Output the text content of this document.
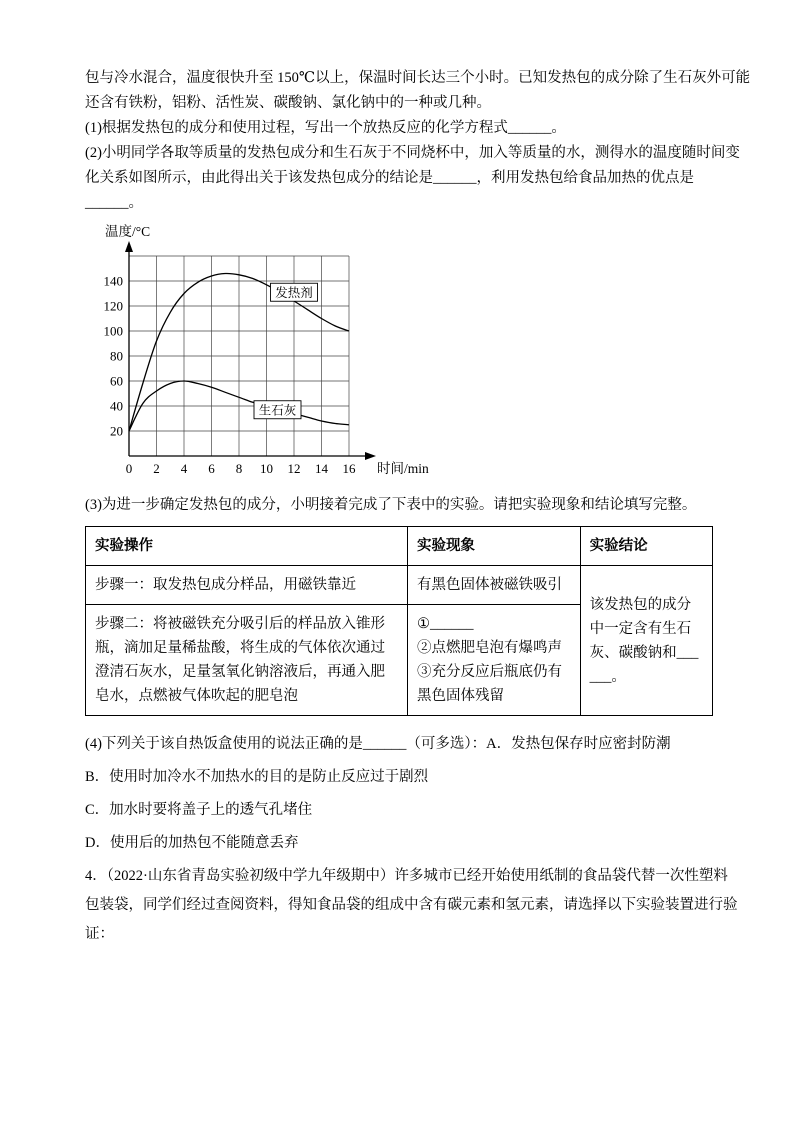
包与冷水混合，温度很快升至 150℃以上，保温时间长达三个小时。已知发热包的成分除了生石灰外可能
还含有铁粉，铝粉、活性炭、碳酸钠、氯化钠中的一种或几种。
(1)根据发热包的成分和使用过程，写出一个放热反应的化学方程式______。
(2)小明同学各取等质量的发热包成分和生石灰于不同烧杯中，加入等质量的水，测得水的温度随时间变
化关系如图所示，由此得出关于该发热包成分的结论是______，利用发热包给食品加热的优点是
______。
20
40
60
80
100
120
140
0 2 4 6 8 10 12 14 16
温度/°C
时间/min
发热剂
生石灰
(3)为进一步确定发热包的成分，小明接着完成了下表中的实验。请把实验现象和结论填写完整。
实验操作	实验现象	实验结论
步骤一：取发热包成分样品，用磁铁靠近	有黑色固体被磁铁吸引	该发热包的成分中一定含有生石灰、碳酸钠和______。
步骤二：将被磁铁充分吸引后的样品放入锥形瓶，滴加足量稀盐酸，将生成的气体依次通过澄清石灰水，足量氢氧化钠溶液后，再通入肥皂水，点燃被气体吹起的肥皂泡	①______
②点燃肥皂泡有爆鸣声
③充分反应后瓶底仍有黑色固体残留	
(4)下列关于该自热饭盒使用的说法正确的是______（可多选）：A．发热包保存时应密封防潮
B．使用时加冷水不加热水的目的是防止反应过于剧烈
C．加水时要将盖子上的透气孔堵住
D．使用后的加热包不能随意丢弃
4．（2022·山东省青岛实验初级中学九年级期中）许多城市已经开始使用纸制的食品袋代替一次性塑料
包装袋，同学们经过查阅资料，得知食品袋的组成中含有碳元素和氢元素，请选择以下实验装置进行验
证：
